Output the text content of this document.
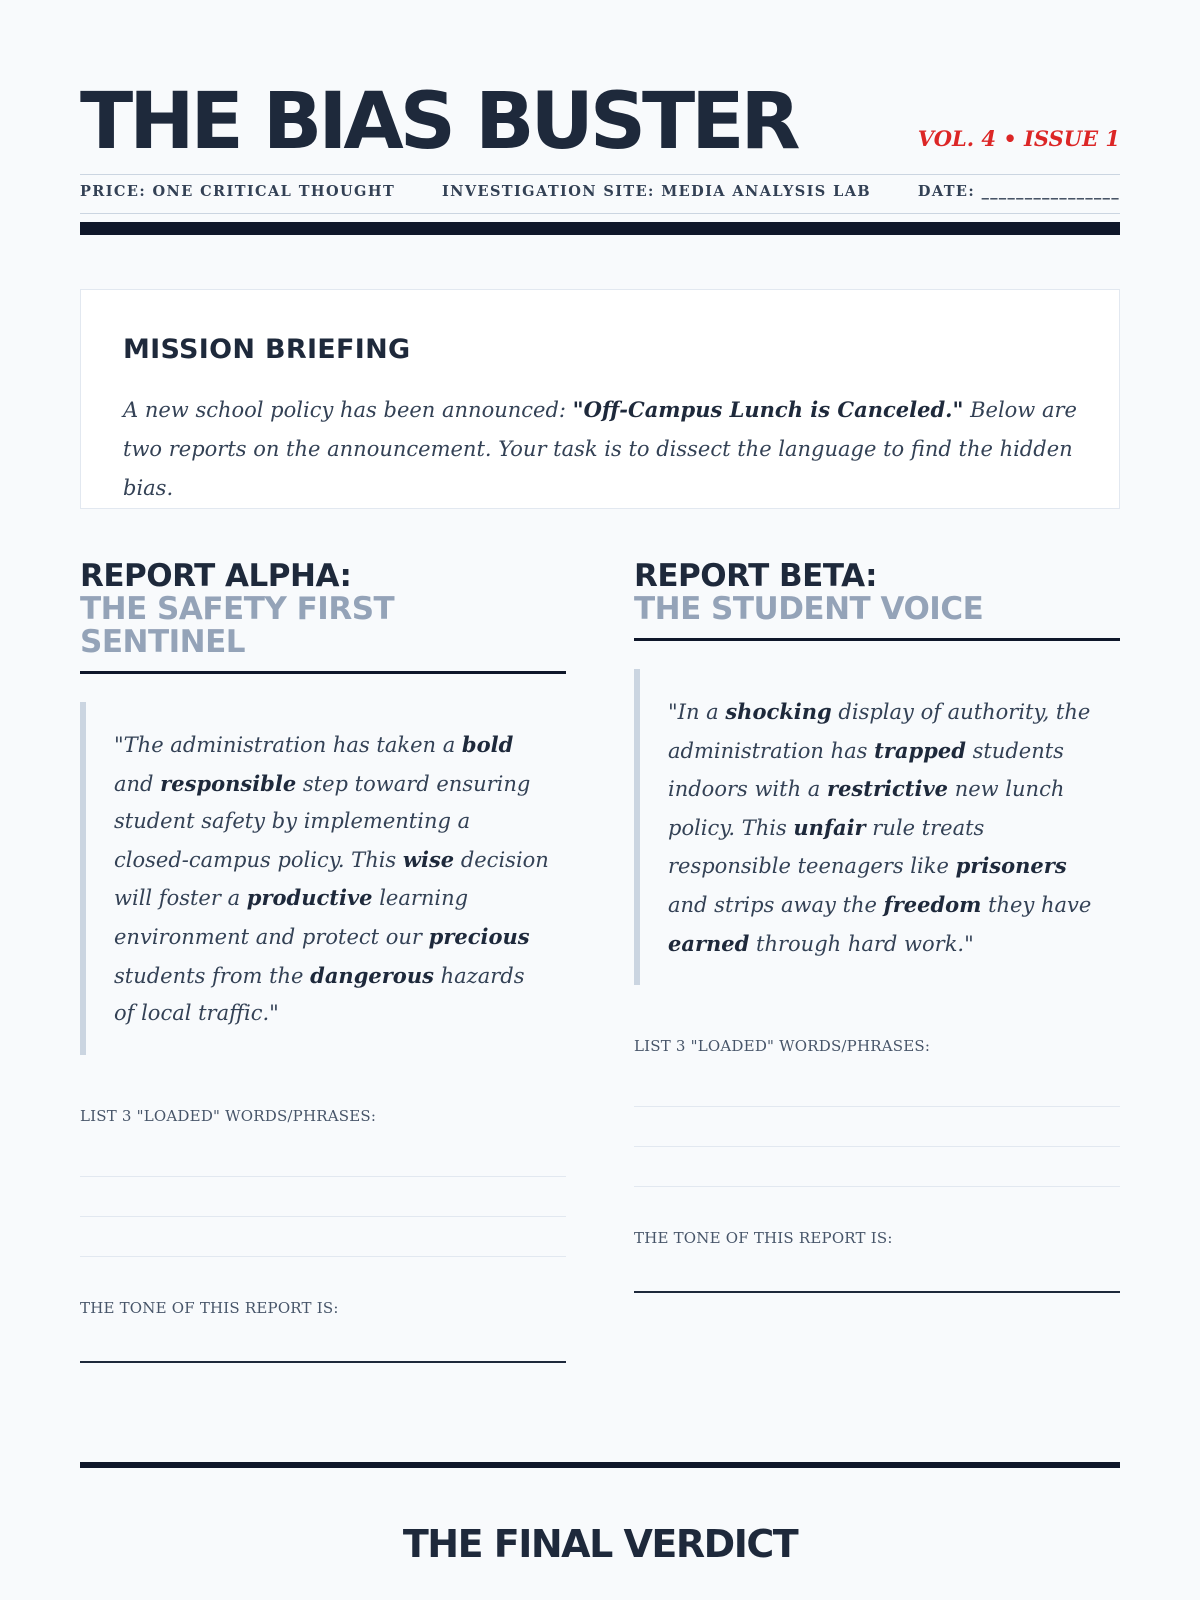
THE BIAS BUSTER	VOL. 4 • ISSUE 1
PRICE: ONE CRITICAL THOUGHT	INVESTIGATION SITE: MEDIA ANALYSIS LAB	DATE: ________________
MISSION BRIEFING
A new school policy has been announced: "Off-Campus Lunch is Canceled." Below are two reports on the announcement. Your task is to dissect the language to find the hidden bias.
REPORT ALPHA:
THE SAFETY FIRST SENTINEL
"The administration has taken a bold and responsible step toward ensuring student safety by implementing a closed-campus policy. This wise decision will foster a productive learning environment and protect our precious students from the dangerous hazards of local traffic."
LIST 3 "LOADED" WORDS/PHRASES:
THE TONE OF THIS REPORT IS:
REPORT BETA:
THE STUDENT VOICE
"In a shocking display of authority, the administration has trapped students indoors with a restrictive new lunch policy. This unfair rule treats responsible teenagers like prisoners and strips away the freedom they have earned through hard work."
LIST 3 "LOADED" WORDS/PHRASES:
THE TONE OF THIS REPORT IS:
THE FINAL VERDICT
